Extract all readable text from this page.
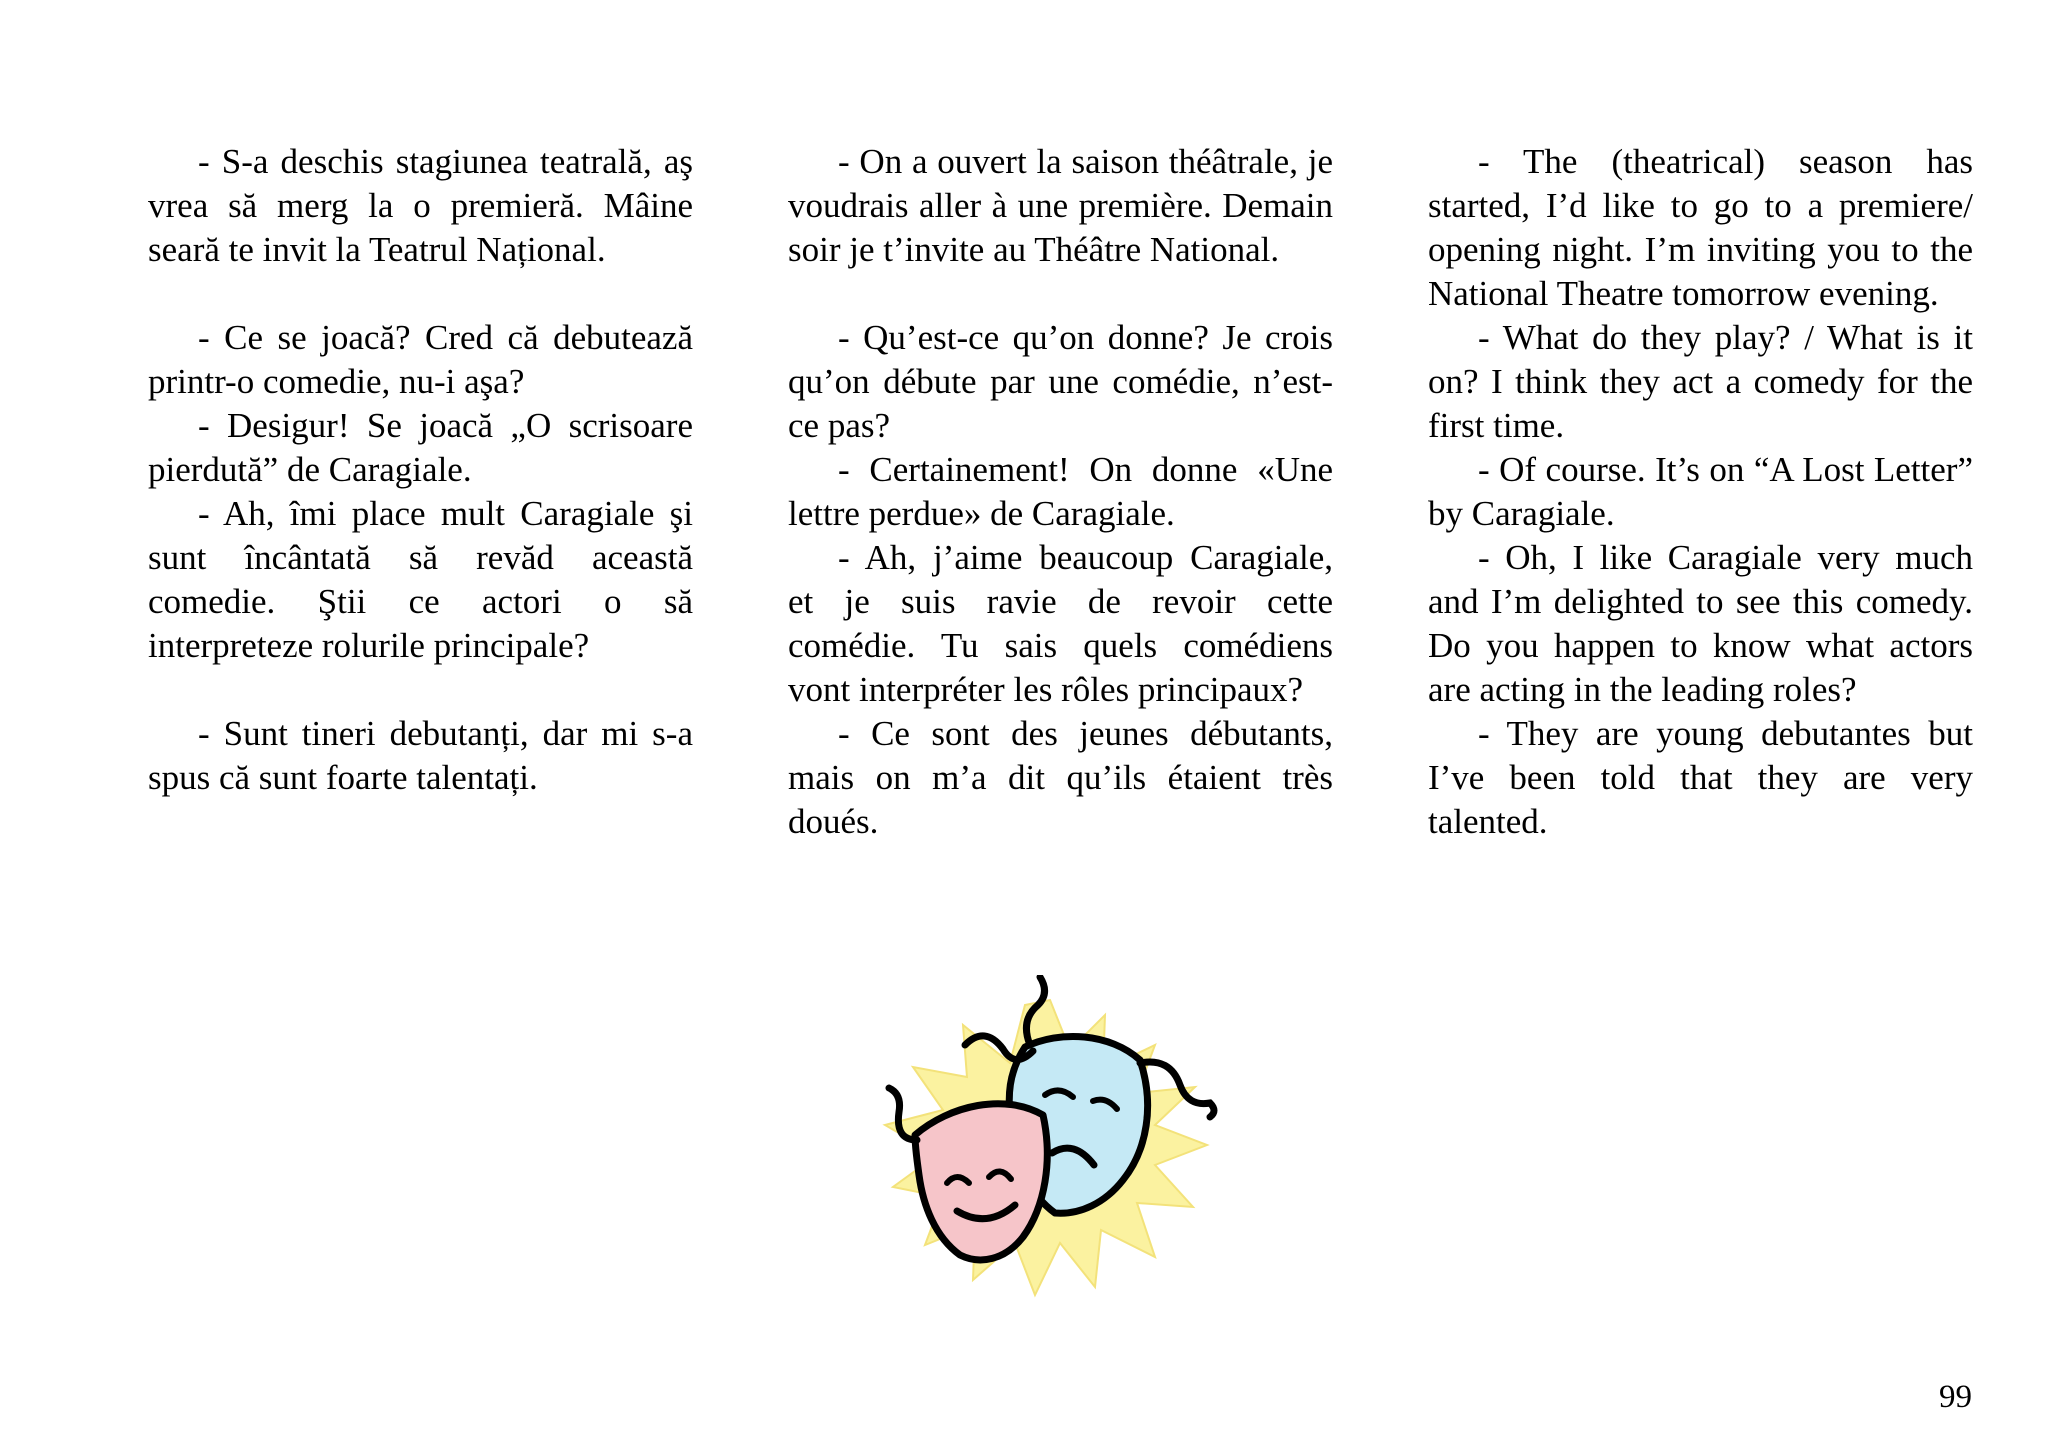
- S-a deschis stagiunea teatrală, aş vrea să merg la o premieră. Mâine seară te invit la Teatrul Național.

- Ce se joacă? Cred că debutează printr-o comedie, nu-i aşa?

- Desigur! Se joacă „O scrisoare pierdută” de Caragiale.

- Ah, îmi place mult Caragiale şi sunt încântată să revăd această comedie. Ştii ce actori o să interpreteze rolurile principale?

- Sunt tineri debutanți, dar mi s-a spus că sunt foarte talentați.

- On a ouvert la saison théâtrale, je voudrais aller à une première. Demain soir je t’invite au Théâtre National.

- Qu’est-ce qu’on donne? Je crois qu’on débute par une comédie, n’est-ce pas?

- Certainement! On donne «Une lettre perdue» de Caragiale.

- Ah, j’aime beaucoup Caragiale, et je suis ravie de revoir cette comédie. Tu sais quels comédiens vont interpréter les rôles principaux?

- Ce sont des jeunes débutants, mais on m’a dit qu’ils étaient très doués.

- The (theatrical) season has started, I’d like to go to a premiere/ opening night. I’m inviting you to the National Theatre tomorrow evening.

- What do they play? / What is it on? I think they act a comedy for the first time.

- Of course. It’s on “A Lost Letter” by Caragiale.

- Oh, I like Caragiale very much and I’m delighted to see this comedy. Do you happen to know what actors are acting in the leading roles?

- They are young debutantes but I’ve been told that they are very talented.

99
